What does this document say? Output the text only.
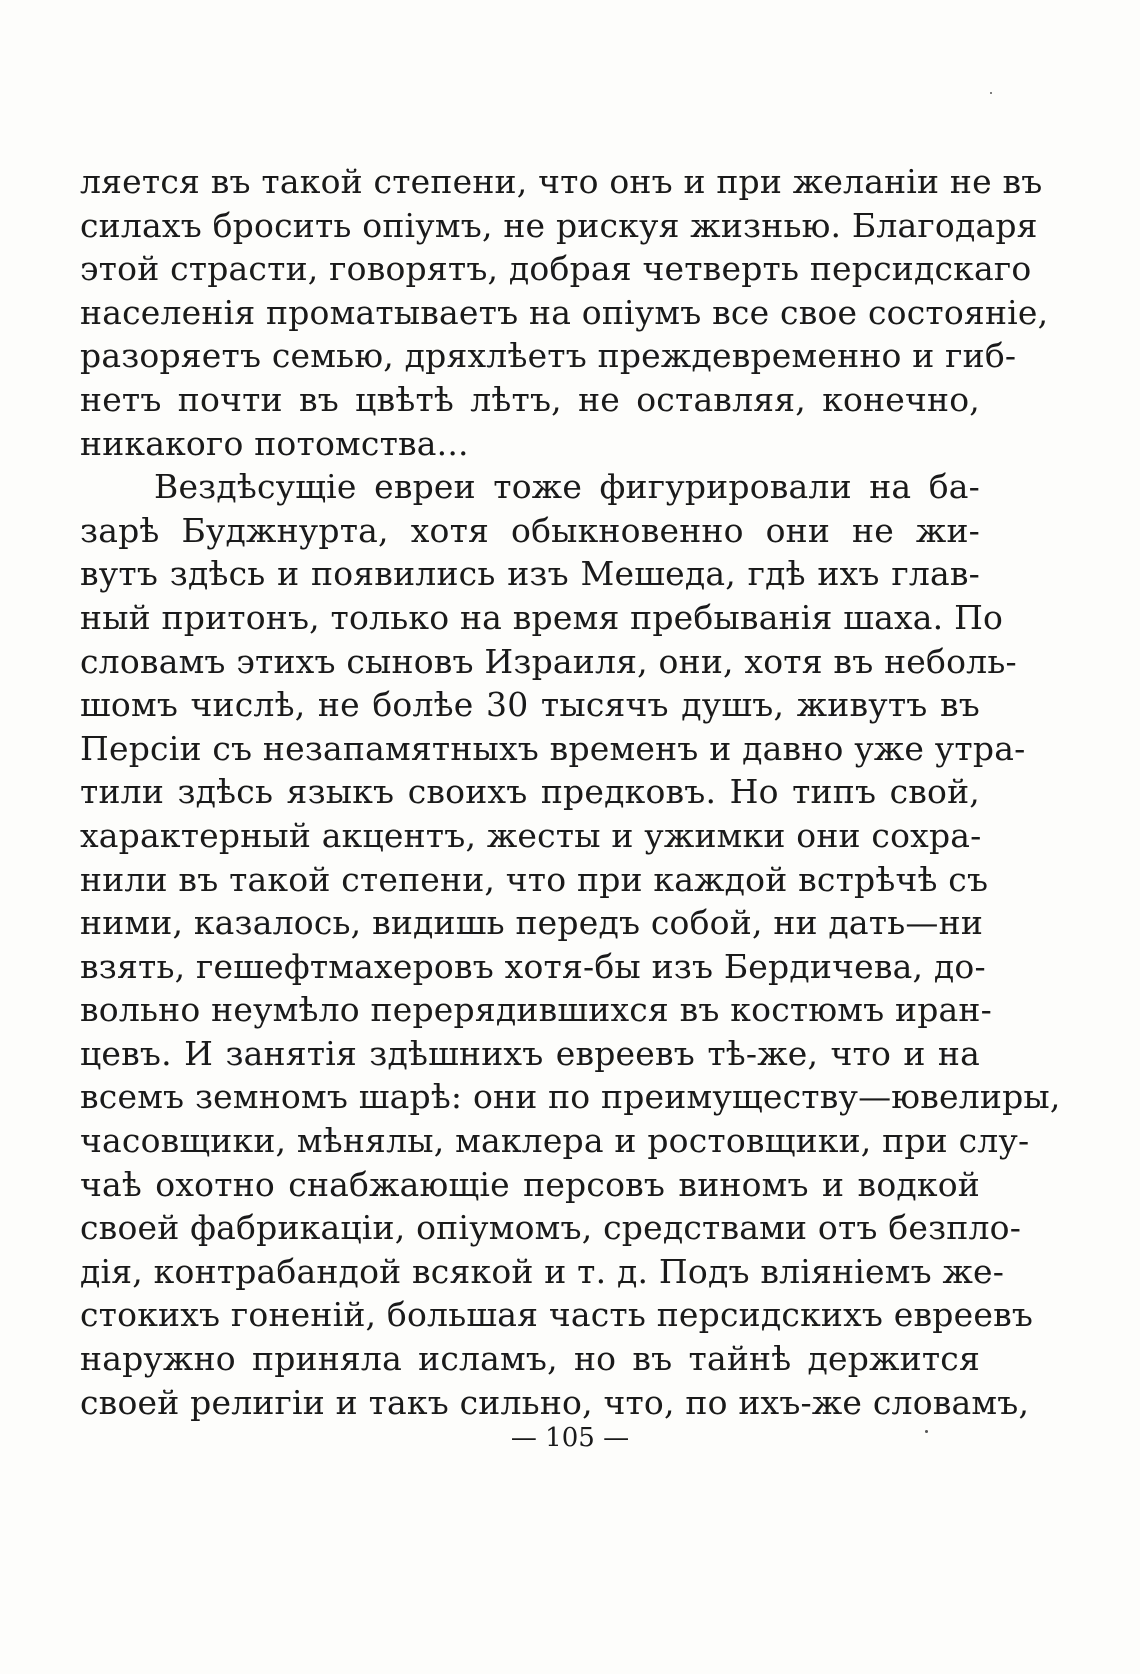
ляется въ такой степени, что онъ и при желаніи не въ
силахъ бросить опіумъ, не рискуя жизнью. Благодаря
этой страсти, говорятъ, добрая четверть персидскаго
населенія проматываетъ на опіумъ все свое состояніе,
разоряетъ семью, дряхлѣетъ преждевременно и гиб-
нетъ почти въ цвѣтѣ лѣтъ, не оставляя, конечно,
никакого потомства...
Вездѣсущіе евреи тоже фигурировали на ба-
зарѣ Буджнурта, хотя обыкновенно они не жи-
вутъ здѣсь и появились изъ Мешеда, гдѣ ихъ глав-
ный притонъ, только на время пребыванія шаха. По
словамъ этихъ сыновъ Израиля, они, хотя въ неболь-
шомъ числѣ, не болѣе 30 тысячъ душъ, живутъ въ
Персіи съ незапамятныхъ временъ и давно уже утра-
тили здѣсь языкъ своихъ предковъ. Но типъ свой,
характерный акцентъ, жесты и ужимки они сохра-
нили въ такой степени, что при каждой встрѣчѣ съ
ними, казалось, видишь передъ собой, ни дать—ни
взять, гешефтмахеровъ хотя-бы изъ Бердичева, до-
вольно неумѣло перерядившихся въ костюмъ иран-
цевъ. И занятія здѣшнихъ евреевъ тѣ-же, что и на
всемъ земномъ шарѣ: они по преимуществу—ювелиры,
часовщики, мѣнялы, маклера и ростовщики, при слу-
чаѣ охотно снабжающіе персовъ виномъ и водкой
своей фабрикаціи, опіумомъ, средствами отъ безпло-
дія, контрабандой всякой и т. д. Подъ вліяніемъ же-
стокихъ гоненій, большая часть персидскихъ евреевъ
наружно приняла исламъ, но въ тайнѣ держится
своей религіи и такъ сильно, что, по ихъ-же словамъ,
— 105 —
